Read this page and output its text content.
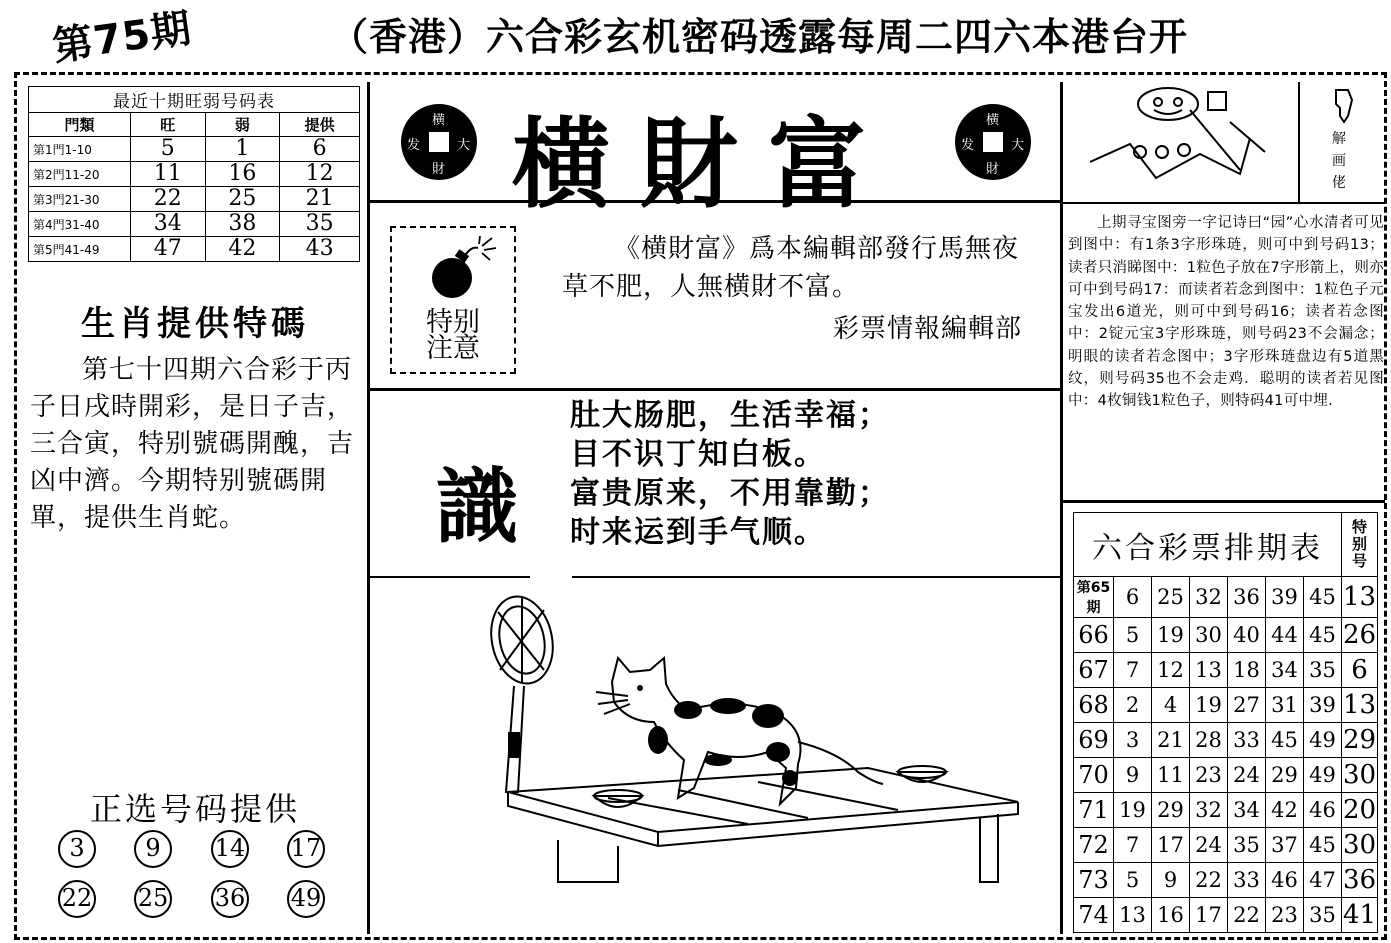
第75期	（香港）六合彩玄机密码透露每周二四六本港台开
最近十期旺弱号码表			
門類	旺	弱	提供
第1門1-10	5	1	6
第2門11-20	11	16	12
第3門21-30	22	25	21
第4門31-40	34	38	35
第5門41-49	47	42	43
生肖提供特碼
第七十四期六合彩于丙子日戌時開彩，是日子吉，三合寅，特别號碼開醜，吉凶中濟。今期特别號碼開單，提供生肖蛇。
正选号码提供
3	9	14 17
22 25 36 49
横
大
財
发 横財富	横
大
財
发
特别
注意

《横財富》爲本編輯部發行馬無夜草不肥，人無横財不富。

彩票情報編輯部

識
肚大肠肥，生活幸福；
目不识丁知白板。
富贵原来，不用靠勤；
时来运到手气顺。
解
画
佬
上期寻宝图旁一字记诗曰“园”心水清者可见到图中：有1条3字形珠琏，则可中到号码13；读者只消睇图中：1粒色子放在7字形箭上，则亦可中到号码17：而读者若念到图中：1粒色子元宝发出6道光，则可中到号码16；读者若念图中：2锭元宝3字形珠琏，则号码23不会漏念；明眼的读者若念图中；3字形珠琏盘边有5道黑纹，则号码35也不会走鸡．聪明的读者若见图中：4枚铜钱1粒色子，则特码41可中埋．
六合彩票排期表							特
别
号

第65期	6	25	32	36	39	45	13
66	5	19	30	40	44	45	26
67	7	12	13	18	34	35	6
68	2	4	19	27	31	39	13
69	3	21	28	33	45	49	29
70	9	11	23	24	29	49	30
71	19	29	32	34	42	46	20
72	7	17	24	35	37	45	30
73	5	9	22	33	46	47	36
74	13	16	17	22	23	35	41
